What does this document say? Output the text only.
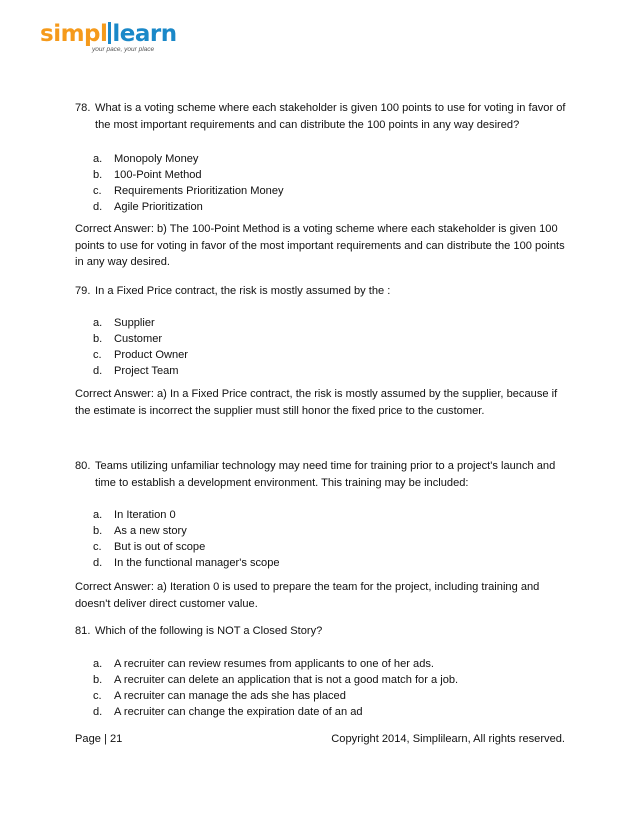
simpl learn
your pace, your place
78. What is a voting scheme where each stakeholder is given 100 points to use for voting in favor of the most important requirements and can distribute the 100 points in any way desired?
a. Monopoly Money
b. 100-Point Method
c. Requirements Prioritization Money
d. Agile Prioritization
Correct Answer: b) The 100-Point Method is a voting scheme where each stakeholder is given 100 points to use for voting in favor of the most important requirements and can distribute the 100 points in any way desired.
79. In a Fixed Price contract, the risk is mostly assumed by the :
a. Supplier
b. Customer
c. Product Owner
d. Project Team
Correct Answer: a) In a Fixed Price contract, the risk is mostly assumed by the supplier, because if the estimate is incorrect the supplier must still honor the fixed price to the customer.
80. Teams utilizing unfamiliar technology may need time for training prior to a project's launch and time to establish a development environment. This training may be included:
a. In Iteration 0
b. As a new story
c. But is out of scope
d. In the functional manager's scope
Correct Answer: a) Iteration 0 is used to prepare the team for the project, including training and doesn't deliver direct customer value.
81. Which of the following is NOT a Closed Story?
a. A recruiter can review resumes from applicants to one of her ads.
b. A recruiter can delete an application that is not a good match for a job.
c. A recruiter can manage the ads she has placed
d. A recruiter can change the expiration date of an ad
Page | 21	Copyright 2014, Simplilearn, All rights reserved.
